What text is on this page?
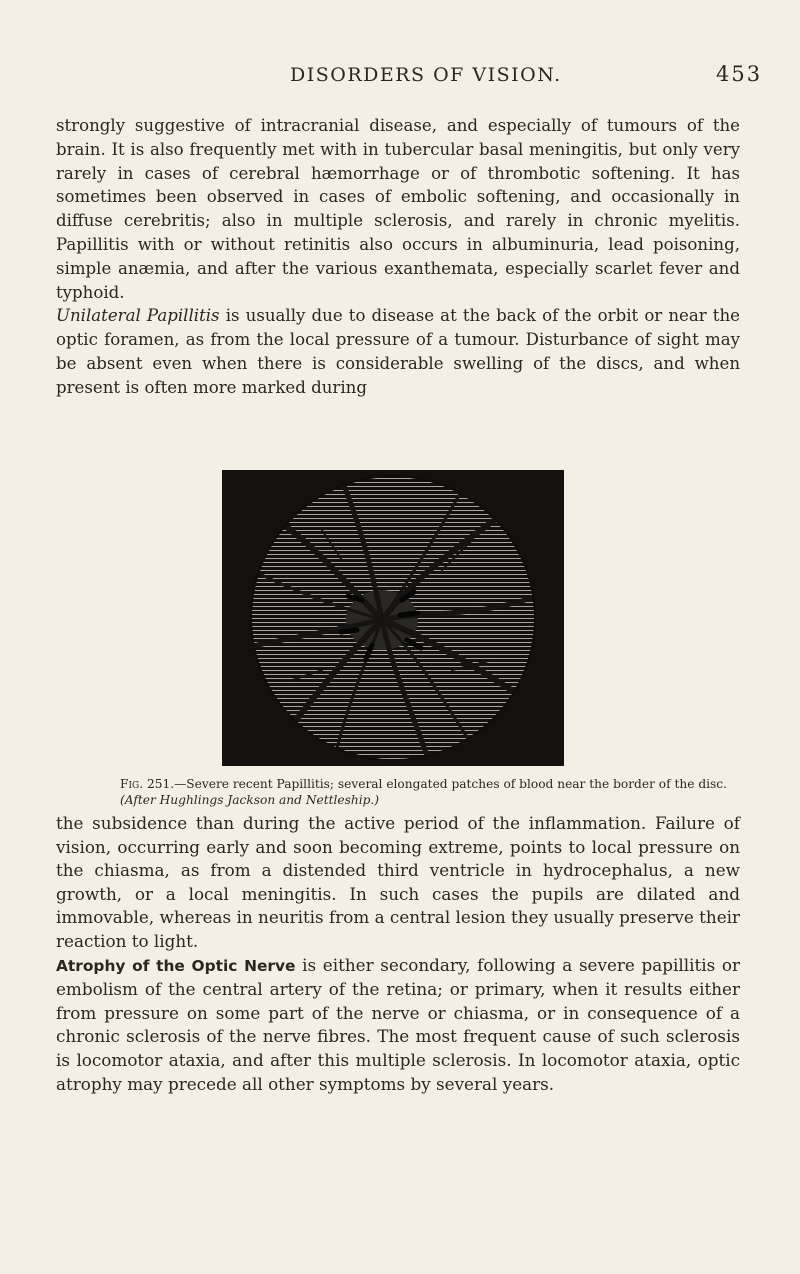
DISORDERS OF VISION.	453
strongly suggestive of intracranial disease, and especially of tumours of the brain. It is also frequently met with in tubercular basal meningitis, but only very rarely in cases of cerebral hæmorrhage or of thrombotic softening. It has sometimes been observed in cases of embolic softening, and occasionally in diffuse cerebritis; also in multiple sclerosis, and rarely in chronic myelitis. Papillitis with or without retinitis also occurs in albuminuria, lead poisoning, simple anæmia, and after the various exanthemata, especially scarlet fever and typhoid.
Unilateral Papillitis is usually due to disease at the back of the orbit or near the optic foramen, as from the local pressure of a tumour. Disturbance of sight may be absent even when there is considerable swelling of the discs, and when present is often more marked during
Fig. 251.—Severe recent Papillitis; several elongated patches of blood near the border of the disc. (After Hughlings Jackson and Nettleship.)
the subsidence than during the active period of the inflammation. Failure of vision, occurring early and soon becoming extreme, points to local pressure on the chiasma, as from a distended third ventricle in hydrocephalus, a new growth, or a local meningitis. In such cases the pupils are dilated and immovable, whereas in neuritis from a central lesion they usually preserve their reaction to light.
Atrophy of the Optic Nerve is either secondary, following a severe papillitis or embolism of the central artery of the retina; or primary, when it results either from pressure on some part of the nerve or chiasma, or in consequence of a chronic sclerosis of the nerve fibres. The most frequent cause of such sclerosis is locomotor ataxia, and after this multiple sclerosis. In locomotor ataxia, optic atrophy may precede all other symptoms by several years.
